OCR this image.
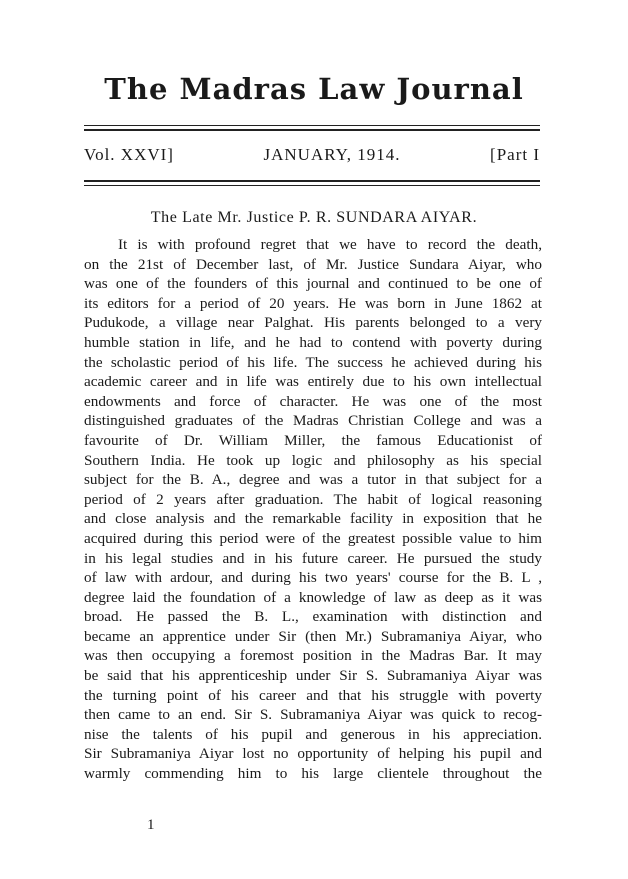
The Madras Law Journal
Vol. XXVI]	JANUARY, 1914.	[Part I
The Late Mr. Justice P. R. SUNDARA AIYAR.
It is with profound regret that we have to record the death,
on the 21st of December last, of Mr. Justice Sundara Aiyar, who
was one of the founders of this journal and continued to be one of
its editors for a period of 20 years. He was born in June 1862 at
Pudukode, a village near Palghat. His parents belonged to a very
humble station in life, and he had to contend with poverty during
the scholastic period of his life. The success he achieved during his
academic career and in life was entirely due to his own intellectual
endowments and force of character. He was one of the most
distinguished graduates of the Madras Christian College and was a
favourite of Dr. William Miller, the famous Educationist of
Southern India. He took up logic and philosophy as his special
subject for the B. A., degree and was a tutor in that subject for a
period of 2 years after graduation. The habit of logical reasoning
and close analysis and the remarkable facility in exposition that he
acquired during this period were of the greatest possible value to him
in his legal studies and in his future career. He pursued the study
of law with ardour, and during his two years' course for the B. L ,
degree laid the foundation of a knowledge of law as deep as it was
broad. He passed the B. L., examination with distinction and
became an apprentice under Sir (then Mr.) Subramaniya Aiyar, who
was then occupying a foremost position in the Madras Bar. It may
be said that his apprenticeship under Sir S. Subramaniya Aiyar was
the turning point of his career and that his struggle with poverty
then came to an end. Sir S. Subramaniya Aiyar was quick to recog-
nise the talents of his pupil and generous in his appreciation.
Sir Subramaniya Aiyar lost no opportunity of helping his pupil and
warmly commending him to his large clientele throughout the
1
